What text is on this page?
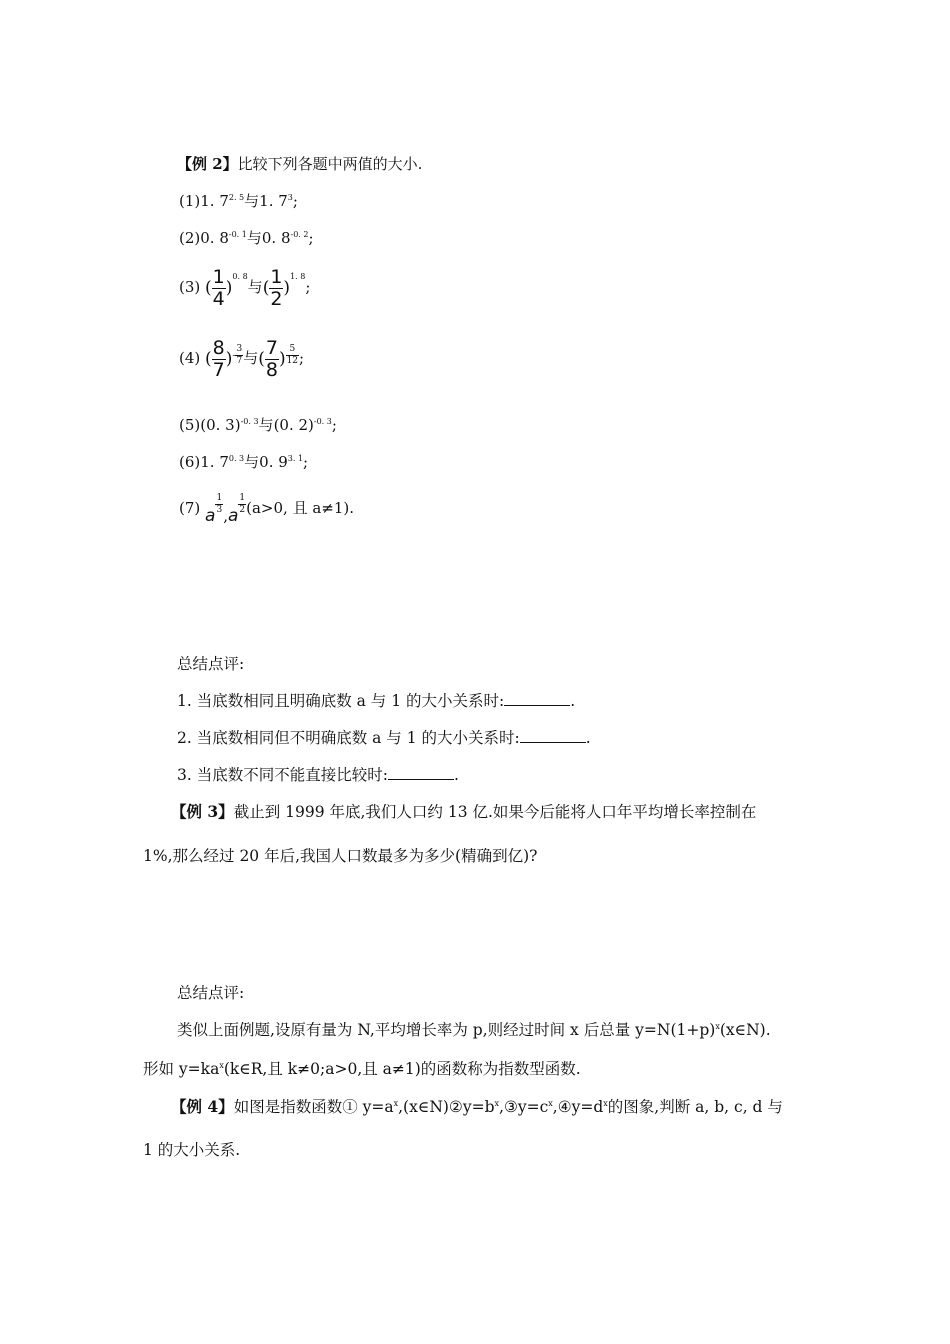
【例 2】比较下列各题中两值的大小.
(1)1. $7^{2. 5}$与1. $7^3$;
(2)0. $8^{-0. 1}$与0. $8^{-0. 2}$;
(3) ( $\frac{1}{4} )^{0. 8}$与( $\frac{1}{2} )^{1. 8}$;
(4) ( $\frac{8}{7}$ )- $\frac{3}{7}$ 与( $\frac{7}{8}$ ) $\frac{5}{12}$ ;
(5)(0. 3)$^{-0. 3}$与(0. 2)$^{-0. 3}$;
(6)1. $7^{0. 3}$与0. $9^{3. 1}$;
(7) a
$\frac{1}{3}$
,a
$\frac{1}{2} (a>0$, 且 a≠1).
总结点评:
1. 当底数相同且明确底数 a 与 1 的大小关系时:	.
2. 当底数相同但不明确底数 a 与 1 的大小关系时:	.
3. 当底数不同不能直接比较时:	.
【例 3】截止到 1999 年底,我们人口约 13 亿.如果今后能将人口年平均增长率控制在
1%,那么经过 20 年后,我国人口数最多为多少(精确到亿)?
总结点评:
类似上面例题,设原有量为 N,平均增长率为 p,则经过时间 x 后总量 $y=N(1+p)^x(x\in N)$.
形如 $y=ka^x(k\in R$,且 k≠0;a>0,且 a≠1)的函数称为指数型函数.
【例 4】如图是指数函数① $y=a^x,(x\in N)②y=b^x,③y=c^x,④y=d^x$的图象,判断 a, b, c, d 与
1 的大小关系.
